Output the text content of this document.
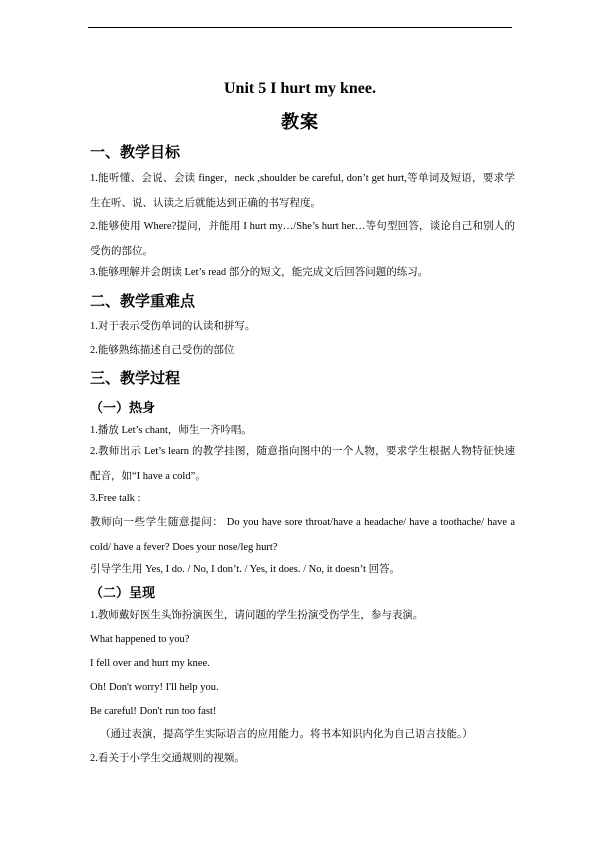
Unit 5 I hurt my knee.
教案
一、教学目标
1.能听懂、会说、会读 finger，neck ,shoulder be careful, don’t get hurt,等单词及短语，要求学生在听、说、认读之后就能达到正确的书写程度。
2.能够使用 Where?提问，并能用 I hurt my…/She’s hurt her…等句型回答，谈论自己和别人的受伤的部位。
3.能够理解并会朗读 Let’s read 部分的短文，能完成文后回答问题的练习。
二、教学重难点
1.对于表示受伤单词的认读和拼写。
2.能够熟练描述自己受伤的部位
三、教学过程
（一）热身
1.播放 Let’s chant，师生一齐吟唱。
2.教师出示 Let’s learn 的教学挂图，随意指向图中的一个人物，要求学生根据人物特征快速配音，如“I have a cold”。
3.Free talk :
教师向一些学生随意提问： Do you have sore throat/have a headache/ have a toothache/ have a cold/ have a fever? Does your nose/leg hurt?
引导学生用 Yes, I do. / No, I don’t. / Yes, it does. / No, it doesn’t 回答。
（二）呈现
1.教师戴好医生头饰扮演医生，请问题的学生扮演受伤学生，参与表演。
What happened to you?
I fell over and hurt my knee.
Oh! Don't worry! I'll help you.
Be careful! Don't run too fast!
（通过表演，提高学生实际语言的应用能力。将书本知识内化为自己语言技能。）
2.看关于小学生交通规则的视频。
